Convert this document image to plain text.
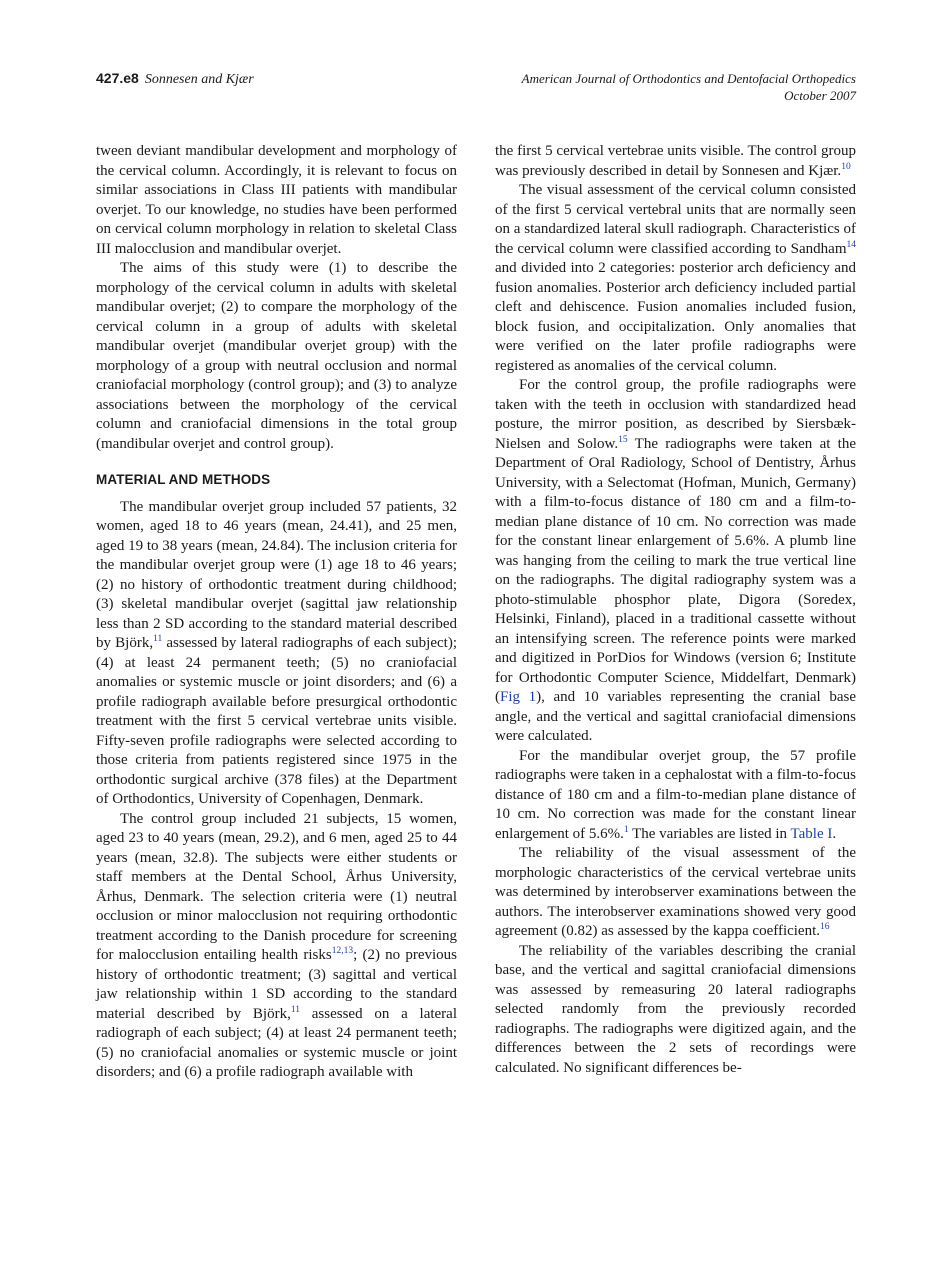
427.e8 Sonnesen and Kjær	American Journal of Orthodontics and Dentofacial Orthopedics
October 2007

tween deviant mandibular development and morphology of the cervical column. Accordingly, it is relevant to focus on similar associations in Class III patients with mandibular overjet. To our knowledge, no studies have been performed on cervical column morphology in relation to skeletal Class III malocclusion and mandibular overjet.

The aims of this study were (1) to describe the morphology of the cervical column in adults with skeletal mandibular overjet; (2) to compare the morphology of the cervical column in a group of adults with skeletal mandibular overjet (mandibular overjet group) with the morphology of a group with neutral occlusion and normal craniofacial morphology (control group); and (3) to analyze associations between the morphology of the cervical column and craniofacial dimensions in the total group (mandibular overjet and control group).

MATERIAL AND METHODS

The mandibular overjet group included 57 patients, 32 women, aged 18 to 46 years (mean, 24.41), and 25 men, aged 19 to 38 years (mean, 24.84). The inclusion criteria for the mandibular overjet group were (1) age 18 to 46 years; (2) no history of orthodontic treatment during childhood; (3) skeletal mandibular overjet (sagittal jaw relationship less than 2 SD according to the standard material described by Björk,$^{11}$ assessed by lateral radiographs of each subject); (4) at least 24 permanent teeth; (5) no craniofacial anomalies or systemic muscle or joint disorders; and (6) a profile radiograph available before presurgical orthodontic treatment with the first 5 cervical vertebrae units visible. Fifty-seven profile radiographs were selected according to those criteria from patients registered since 1975 in the orthodontic surgical archive (378 files) at the Department of Orthodontics, University of Copenhagen, Denmark.

The control group included 21 subjects, 15 women, aged 23 to 40 years (mean, 29.2), and 6 men, aged 25 to 44 years (mean, 32.8). The subjects were either students or staff members at the Dental School, Århus University, Århus, Denmark. The selection criteria were (1) neutral occlusion or minor malocclusion not requiring orthodontic treatment according to the Danish procedure for screening for malocclusion entailing health risks$^{12,13}$; (2) no previous history of orthodontic treatment; (3) sagittal and vertical jaw relationship within 1 SD according to the standard material described by Björk,$^{11}$ assessed on a lateral radiograph of each subject; (4) at least 24 permanent teeth; (5) no craniofacial anomalies or systemic muscle or joint disorders; and (6) a profile radiograph available with

the first 5 cervical vertebrae units visible. The control group was previously described in detail by Sonnesen and Kjær.$^{10}$

The visual assessment of the cervical column consisted of the first 5 cervical vertebral units that are normally seen on a standardized lateral skull radiograph. Characteristics of the cervical column were classified according to Sandham$^{14}$ and divided into 2 categories: posterior arch deficiency and fusion anomalies. Posterior arch deficiency included partial cleft and dehiscence. Fusion anomalies included fusion, block fusion, and occipitalization. Only anomalies that were verified on the later profile radiographs were registered as anomalies of the cervical column.

For the control group, the profile radiographs were taken with the teeth in occlusion with standardized head posture, the mirror position, as described by Siersbæk-Nielsen and Solow.$^{15}$ The radiographs were taken at the Department of Oral Radiology, School of Dentistry, Århus University, with a Selectomat (Hofman, Munich, Germany) with a film-to-focus distance of 180 cm and a film-to-median plane distance of 10 cm. No correction was made for the constant linear enlargement of 5.6%. A plumb line was hanging from the ceiling to mark the true vertical line on the radiographs. The digital radiography system was a photo-stimulable phosphor plate, Digora (Soredex, Helsinki, Finland), placed in a traditional cassette without an intensifying screen. The reference points were marked and digitized in PorDios for Windows (version 6; Institute for Orthodontic Computer Science, Middelfart, Denmark) (Fig 1), and 10 variables representing the cranial base angle, and the vertical and sagittal craniofacial dimensions were calculated.

For the mandibular overjet group, the 57 profile radiographs were taken in a cephalostat with a film-to-focus distance of 180 cm and a film-to-median plane distance of 10 cm. No correction was made for the constant linear enlargement of 5.6%.$^1$ The variables are listed in Table I.

The reliability of the visual assessment of the morphologic characteristics of the cervical vertebrae units was determined by interobserver examinations between the authors. The interobserver examinations showed very good agreement (0.82) as assessed by the kappa coefficient.$^{16}$

The reliability of the variables describing the cranial base, and the vertical and sagittal craniofacial dimensions was assessed by remeasuring 20 lateral radiographs selected randomly from the previously recorded radiographs. The radiographs were digitized again, and the differences between the 2 sets of recordings were calculated. No significant differences be-
